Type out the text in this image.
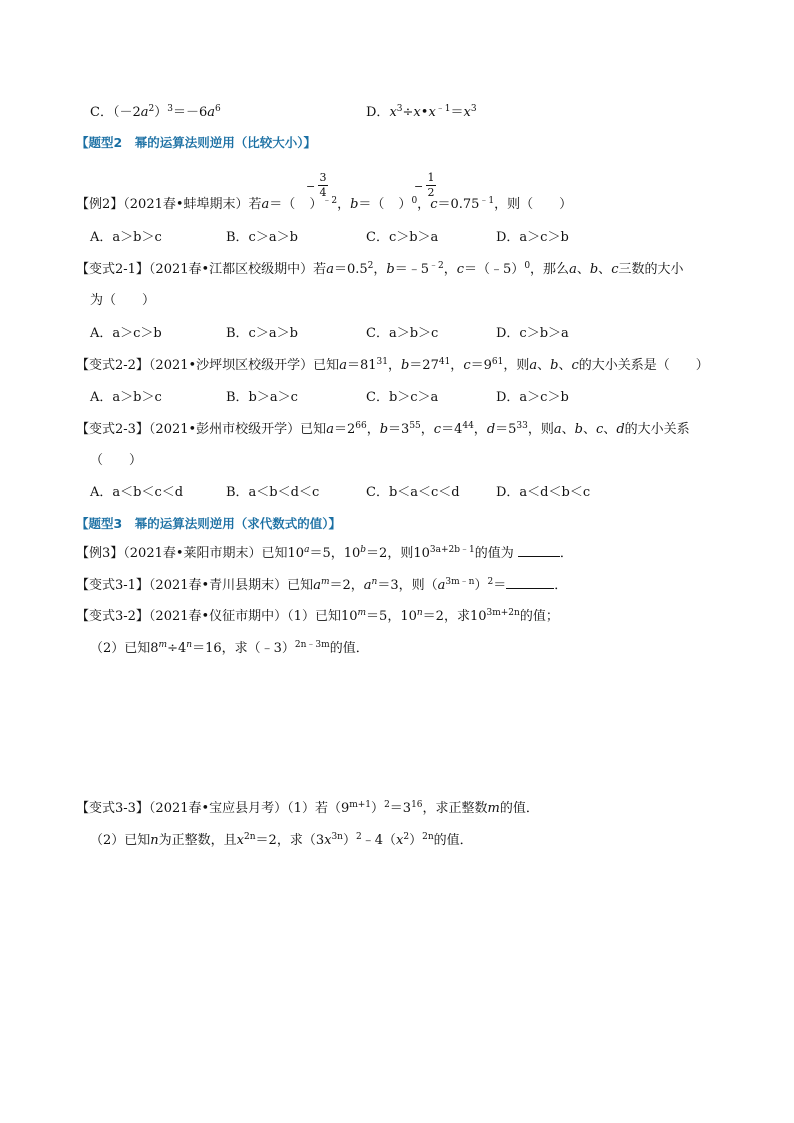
C．$(-2a^2)^3=-6a^6$	D．$x^3\div x•x^{﹣1}=x^3$
【题型2　幂的运算法则逆用（比较大小）】
−
3
4	−
1
2
【例2】（2021春•蚌埠期末）若a＝（ ）$^{﹣2}$，b＝（ ）$^0$，$c=0.75^{﹣1}$，则（　　）
A．a＞b＞c	B．c＞a＞b	C．c＞b＞a	D．a＞c＞b
【变式2-1】（2021春•江都区校级期中）若$a=0.5^2$，$b=﹣5^{﹣2}$，c＝（﹣5）$^0$，那么a、b、c三数的大小
为（　　）
A．a＞c＞b	B．c＞a＞b	C．a＞b＞c	D．c＞b＞a
【变式2-2】（2021•沙坪坝区校级开学）已知$a=81^{31}$，$b=27^{41}$，$c=9^{61}$，则a、b、c的大小关系是（　　）
A．a＞b＞c	B．b＞a＞c	C．b＞c＞a	D．a＞c＞b
【变式2-3】（2021•彭州市校级开学）已知$a=2^{66}$，$b=3^{55}$，$c=4^{44}$，$d=5^{33}$，则a、b、c、d的大小关系
（　　）
A．a＜b＜c＜d	B．a＜b＜d＜c	C．b＜a＜c＜d	D．a＜d＜b＜c
【题型3　幂的运算法则逆用（求代数式的值）】
【例3】（2021春•莱阳市期末）已知$10^a=5$，$10^b=2$，则$10^{3a+2b﹣1}$的值为	．
【变式3-1】（2021春•青川县期末）已知$a^m=2$，$a^n=3$，则$(a^{3m﹣n})^2=$	．
【变式3-2】（2021春•仪征市期中）（1）已知$10^m=5$，$10^n=2$，求$10^{3m+2n}$的值；
（2）已知$8^m\div 4^n=16$，求（﹣3）$^{2n﹣3m}$的值．
【变式3-3】（2021春•宝应县月考）（1）若$(9^{m+1})^2=3^{16}$，求正整数m的值．
（2）已知n为正整数，且$x^{2n}=2$，求$(3x^{3n})^2﹣4(x^2)^{2n}$的值．
